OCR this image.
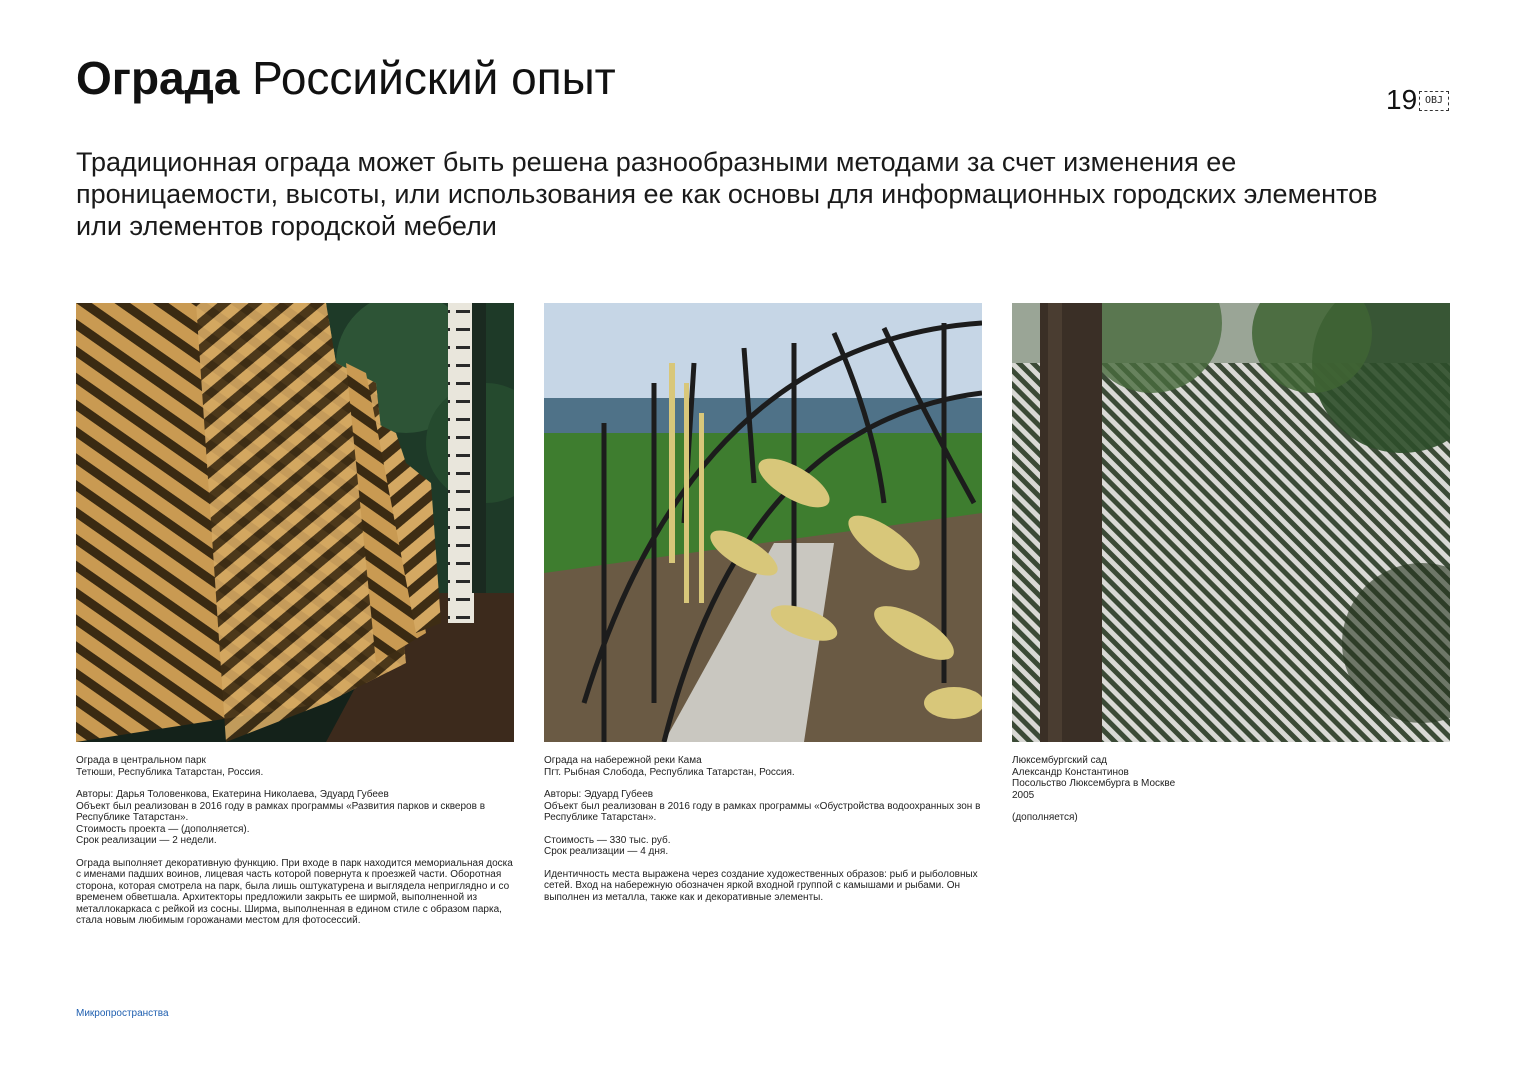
Ограда Российский опыт	19 OBJ
Традиционная ограда может быть решена разнообразными методами за счет изменения ее проницаемости, высоты, или использования ее как основы для информационных городских элементов или элементов городской мебели

Ограда в центральном парк

Тетюши, Республика Татарстан, Россия.

Авторы: Дарья Толовенкова, Екатерина Николаева, Эдуард Губеев

Объект был реализован в 2016 году в рамках программы «Развития парков и скверов в Республике Татарстан».

Стоимость проекта — (дополняется).

Срок реализации — 2 недели.

Ограда выполняет декоративную функцию. При входе в парк находится мемориальная доска с именами падших воинов, лицевая часть которой повернута к проезжей части. Оборотная сторона, которая смотрела на парк, была лишь оштукатурена и выглядела неприглядно и со временем обветшала. Архитекторы предложили закрыть ее ширмой, выполненной из металлокаркаса с рейкой из сосны. Ширма, выполненная в едином стиле с образом парка, стала новым любимым горожанами местом для фотосессий.

Ограда на набережной реки Кама

Пгт. Рыбная Слобода, Республика Татарстан, Россия.

Авторы: Эдуард Губеев

Объект был реализован в 2016 году в рамках программы «Обустройства водоохранных зон в Республике Татарстан».

Стоимость — 330 тыс. руб.

Срок реализации — 4 дня.

Идентичность места выражена через создание художественных образов: рыб и рыболовных сетей. Вход на набережную обозначен яркой входной группой с камышами и рыбами. Он выполнен из металла, также как и декоративные элементы.

Люксембургский сад

Александр Константинов

Посольство Люксембурга в Москве

2005

(дополняется)

Микропространства
